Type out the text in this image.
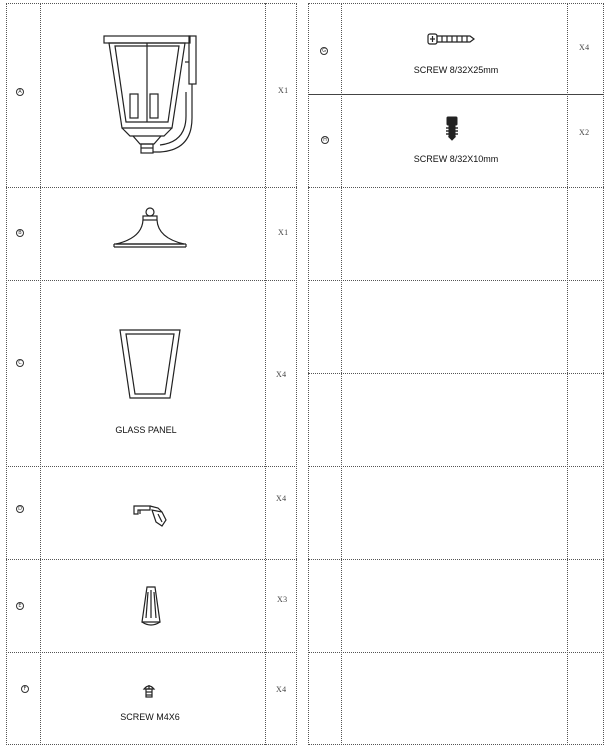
A	X1
B	X1
C
GLASS PANEL
X4
D
X4
E
X3
F
SCREW M4X6
X4
G
SCREW 8/32X25mm
X4
H
SCREW 8/32X10mm
X2
